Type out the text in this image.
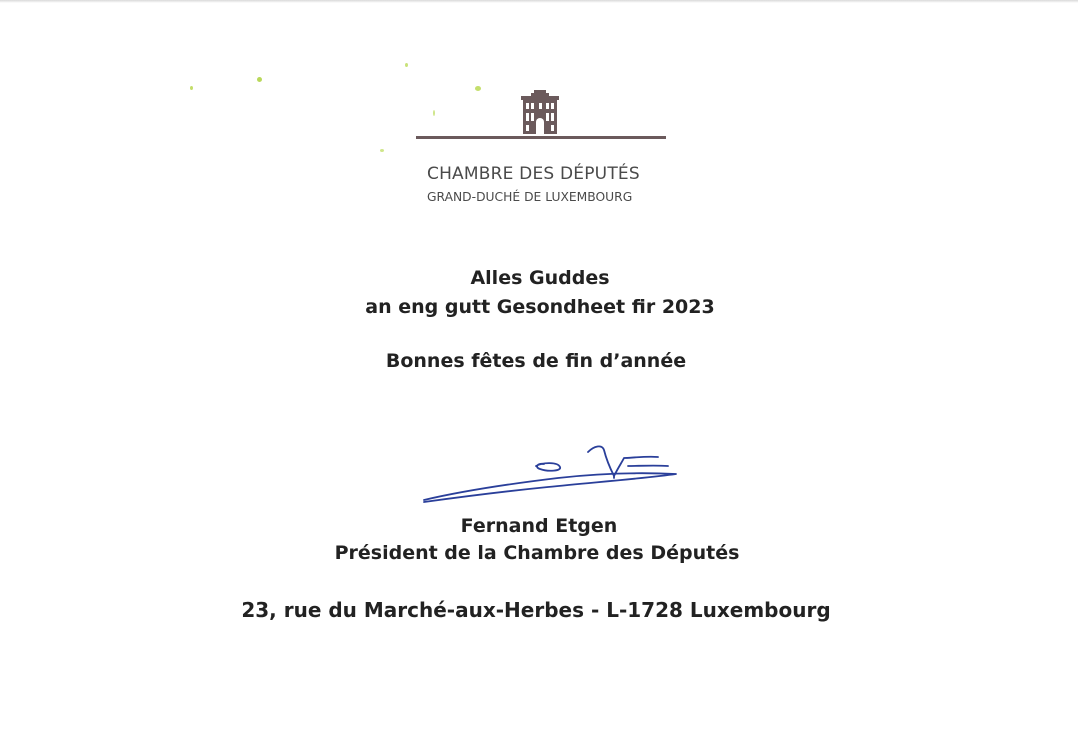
CHAMBRE DES DÉPUTÉS
GRAND-DUCHÉ DE LUXEMBOURG
Alles Guddes
an eng gutt Gesondheet fir 2023
Bonnes fêtes de fin d’année
Fernand Etgen
Président de la Chambre des Députés
23, rue du Marché-aux-Herbes - L-1728 Luxembourg
